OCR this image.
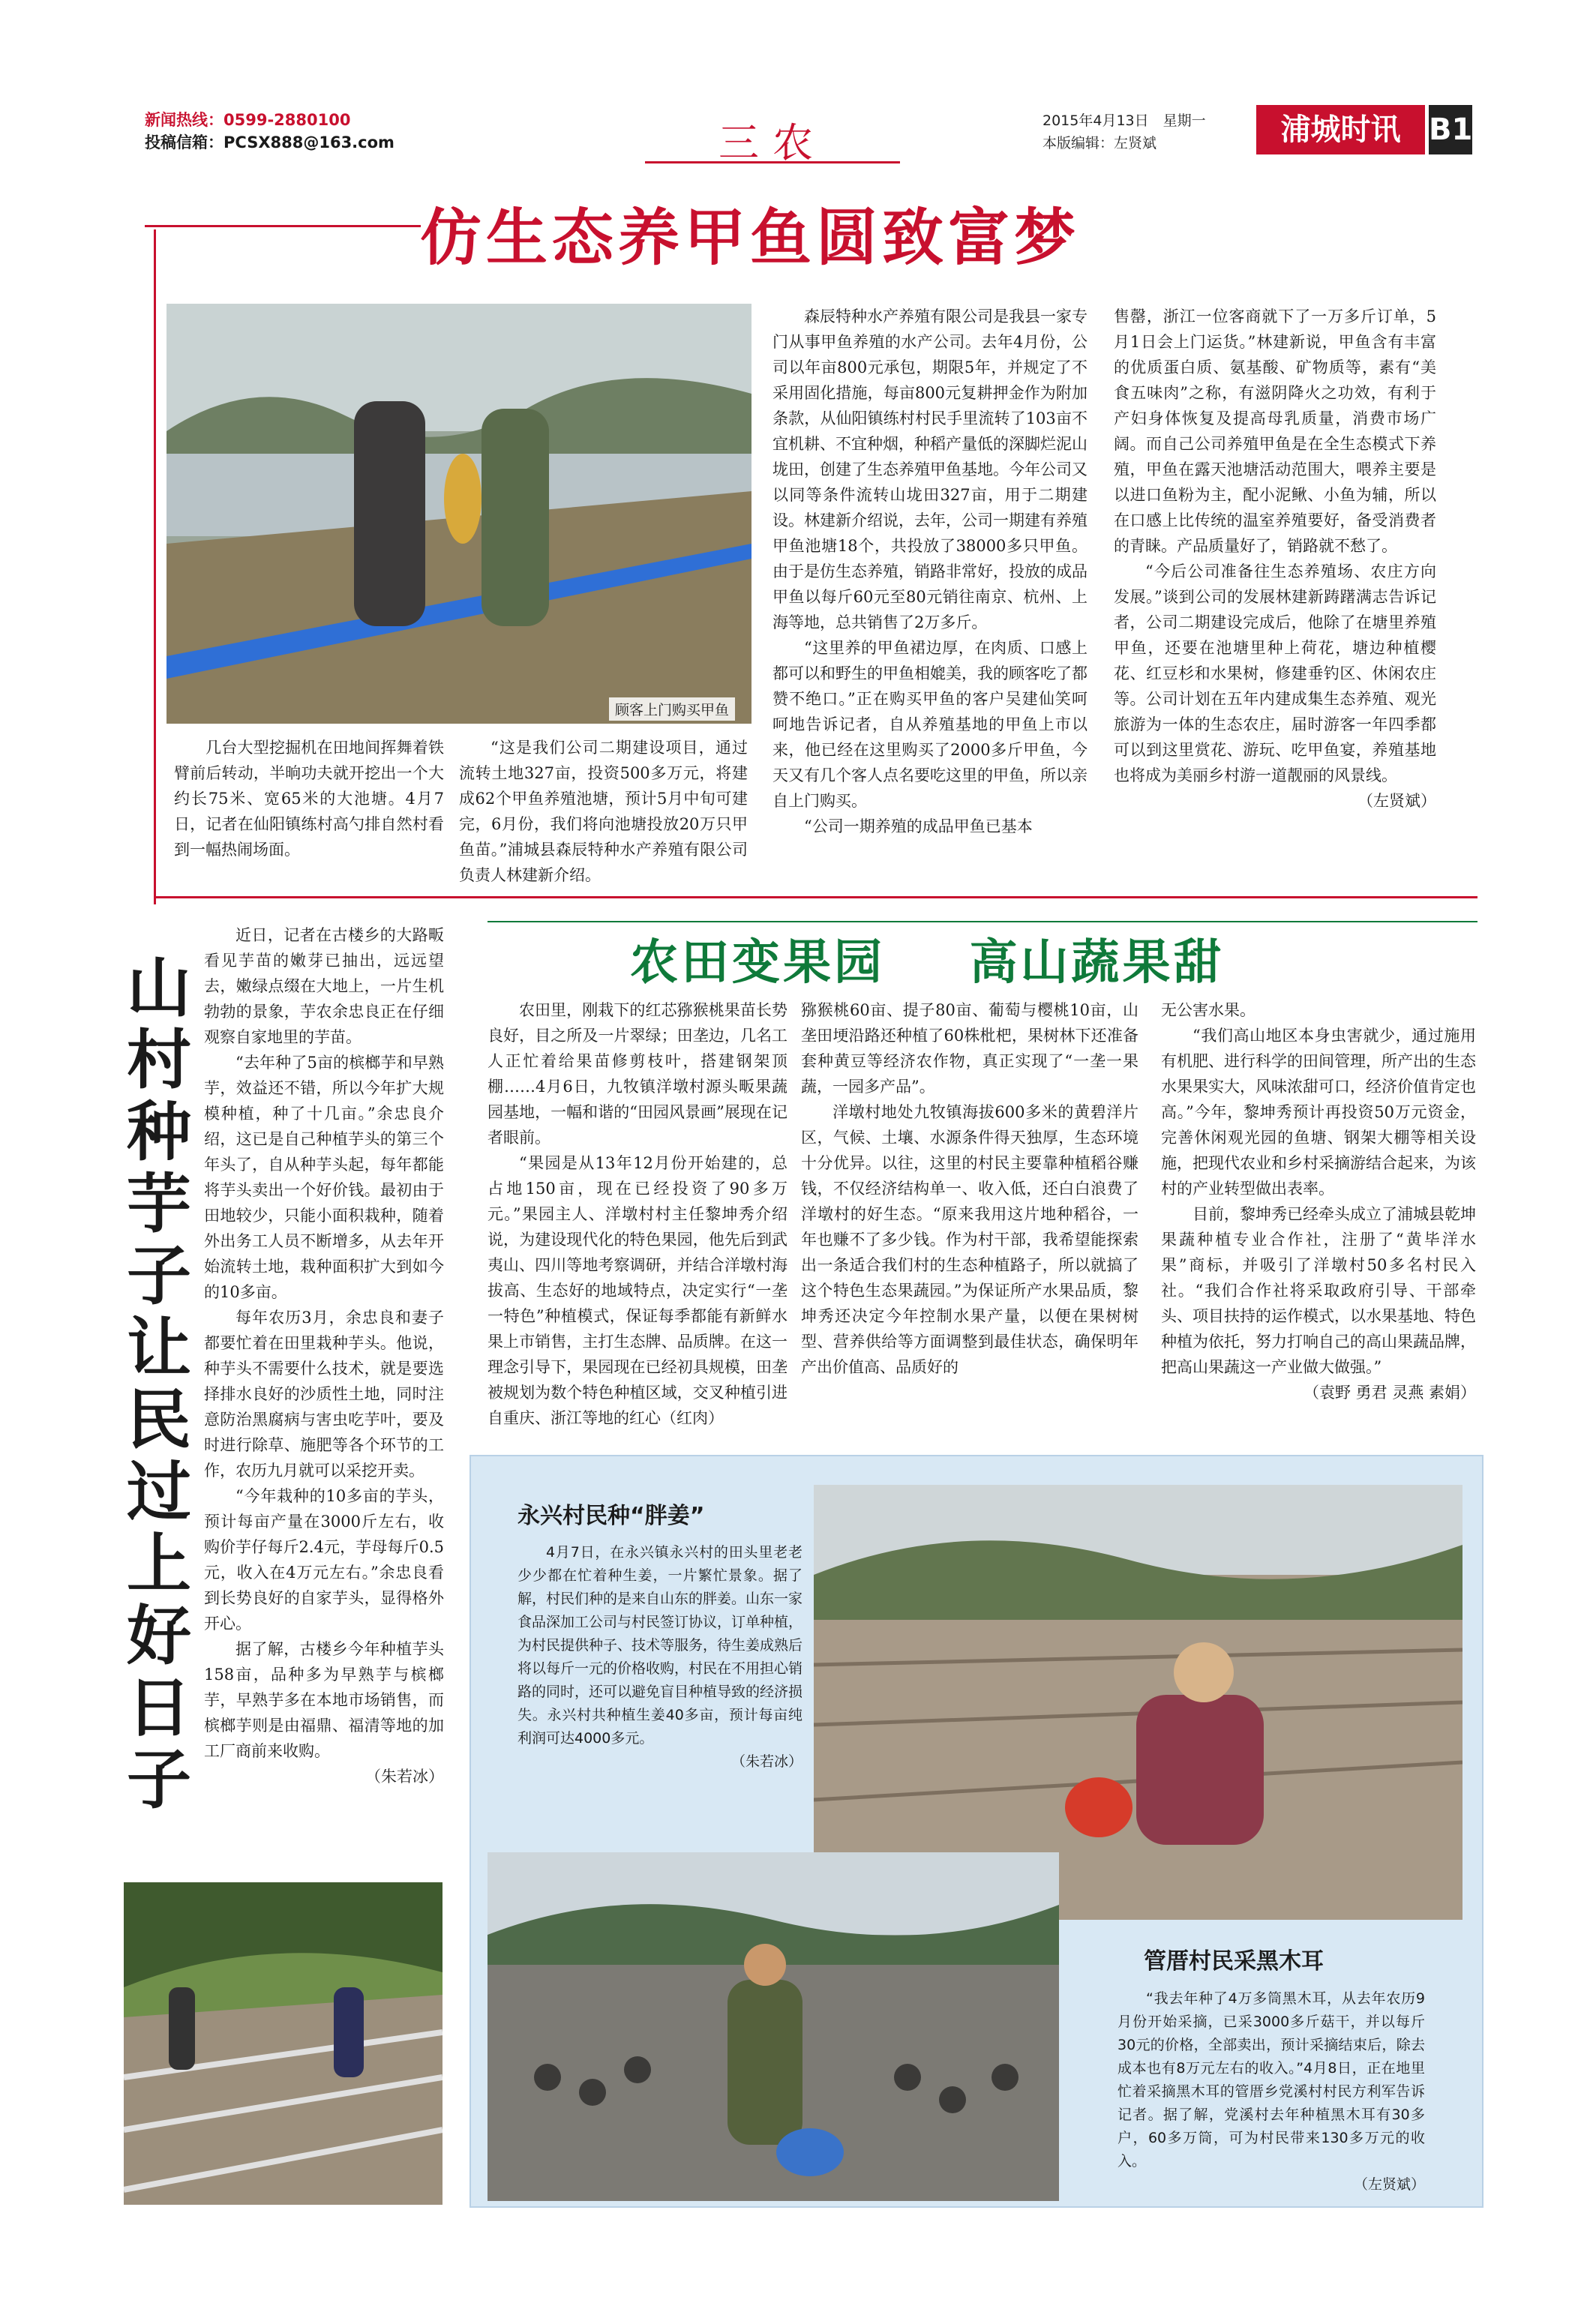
新闻热线：0599-2880100
投稿信箱：PCSX888@163.com	三农	2015年4月13日　星期一
本版编辑：左贤斌	浦城时讯 B1
仿生态养甲鱼圆致富梦
顾客上门购买甲鱼

几台大型挖掘机在田地间挥舞着铁臂前后转动，半晌功夫就开挖出一个大约长75米、宽65米的大池塘。4月7日，记者在仙阳镇练村高勺排自然村看到一幅热闹场面。

“这是我们公司二期建设项目，通过流转土地327亩，投资500多万元，将建成62个甲鱼养殖池塘，预计5月中旬可建完，6月份，我们将向池塘投放20万只甲鱼苗。”浦城县森辰特种水产养殖有限公司负责人林建新介绍。

森辰特种水产养殖有限公司是我县一家专门从事甲鱼养殖的水产公司。去年4月份，公司以年亩800元承包，期限5年，并规定了不采用固化措施，每亩800元复耕押金作为附加条款，从仙阳镇练村村民手里流转了103亩不宜机耕、不宜种烟，种稻产量低的深脚烂泥山垅田，创建了生态养殖甲鱼基地。今年公司又以同等条件流转山垅田327亩，用于二期建设。林建新介绍说，去年，公司一期建有养殖甲鱼池塘18个，共投放了38000多只甲鱼。由于是仿生态养殖，销路非常好，投放的成品甲鱼以每斤60元至80元销往南京、杭州、上海等地，总共销售了2万多斤。

“这里养的甲鱼裙边厚，在肉质、口感上都可以和野生的甲鱼相媲美，我的顾客吃了都赞不绝口。”正在购买甲鱼的客户吴建仙笑呵呵地告诉记者，自从养殖基地的甲鱼上市以来，他已经在这里购买了2000多斤甲鱼，今天又有几个客人点名要吃这里的甲鱼，所以亲自上门购买。

“公司一期养殖的成品甲鱼已基本

售罄，浙江一位客商就下了一万多斤订单，5月1日会上门运货。”林建新说，甲鱼含有丰富的优质蛋白质、氨基酸、矿物质等，素有“美食五味肉”之称，有滋阴降火之功效，有利于产妇身体恢复及提高母乳质量，消费市场广阔。而自己公司养殖甲鱼是在全生态模式下养殖，甲鱼在露天池塘活动范围大，喂养主要是以进口鱼粉为主，配小泥鳅、小鱼为辅，所以在口感上比传统的温室养殖要好，备受消费者的青睐。产品质量好了，销路就不愁了。

“今后公司准备往生态养殖场、农庄方向发展。”谈到公司的发展林建新踌躇满志告诉记者，公司二期建设完成后，他除了在塘里养殖甲鱼，还要在池塘里种上荷花，塘边种植樱花、红豆杉和水果树，修建垂钓区、休闲农庄等。公司计划在五年内建成集生态养殖、观光旅游为一体的生态农庄，届时游客一年四季都可以到这里赏花、游玩、吃甲鱼宴，养殖基地也将成为美丽乡村游一道靓丽的风景线。

（左贤斌）
山村种芋子让民过上好日子

近日，记者在古楼乡的大路畈看见芋苗的嫩芽已抽出，远远望去，嫩绿点缀在大地上，一片生机勃勃的景象，芋农余忠良正在仔细观察自家地里的芋苗。

“去年种了5亩的槟榔芋和早熟芋，效益还不错，所以今年扩大规模种植，种了十几亩。”余忠良介绍，这已是自己种植芋头的第三个年头了，自从种芋头起，每年都能将芋头卖出一个好价钱。最初由于田地较少，只能小面积栽种，随着外出务工人员不断增多，从去年开始流转土地，栽种面积扩大到如今的10多亩。

每年农历3月，余忠良和妻子都要忙着在田里栽种芋头。他说，种芋头不需要什么技术，就是要选择排水良好的沙质性土地，同时注意防治黑腐病与害虫吃芋叶，要及时进行除草、施肥等各个环节的工作，农历九月就可以采挖开卖。

“今年栽种的10多亩的芋头，预计每亩产量在3000斤左右，收购价芋仔每斤2.4元，芋母每斤0.5元，收入在4万元左右。”余忠良看到长势良好的自家芋头，显得格外开心。

据了解，古楼乡今年种植芋头158亩，品种多为早熟芋与槟榔芋，早熟芋多在本地市场销售，而槟榔芋则是由福鼎、福清等地的加工厂商前来收购。

（朱若冰）
农田变果园 高山蔬果甜

农田里，刚栽下的红芯猕猴桃果苗长势良好，目之所及一片翠绿；田垄边，几名工人正忙着给果苗修剪枝叶，搭建钢架顶棚……4月6日，九牧镇洋墩村源头畈果蔬园基地，一幅和谐的“田园风景画”展现在记者眼前。

“果园是从13年12月份开始建的，总占地150亩，现在已经投资了90多万元。”果园主人、洋墩村村主任黎坤秀介绍说，为建设现代化的特色果园，他先后到武夷山、四川等地考察调研，并结合洋墩村海拔高、生态好的地域特点，决定实行“一垄一特色”种植模式，保证每季都能有新鲜水果上市销售，主打生态牌、品质牌。在这一理念引导下，果园现在已经初具规模，田垄被规划为数个特色种植区域，交叉种植引进自重庆、浙江等地的红心（红肉）

猕猴桃60亩、提子80亩、葡萄与樱桃10亩，山垄田埂沿路还种植了60株枇杷，果树林下还准备套种黄豆等经济农作物，真正实现了“一垄一果蔬，一园多产品”。

洋墩村地处九牧镇海拔600多米的黄碧洋片区，气候、土壤、水源条件得天独厚，生态环境十分优异。以往，这里的村民主要靠种植稻谷赚钱，不仅经济结构单一、收入低，还白白浪费了洋墩村的好生态。“原来我用这片地种稻谷，一年也赚不了多少钱。作为村干部，我希望能探索出一条适合我们村的生态种植路子，所以就搞了这个特色生态果蔬园。”为保证所产水果品质，黎坤秀还决定今年控制水果产量，以便在果树树型、营养供给等方面调整到最佳状态，确保明年产出价值高、品质好的

无公害水果。

“我们高山地区本身虫害就少，通过施用有机肥、进行科学的田间管理，所产出的生态水果果实大，风味浓甜可口，经济价值肯定也高。”今年，黎坤秀预计再投资50万元资金，完善休闲观光园的鱼塘、钢架大棚等相关设施，把现代农业和乡村采摘游结合起来，为该村的产业转型做出表率。

目前，黎坤秀已经牵头成立了浦城县乾坤果蔬种植专业合作社，注册了“黄毕洋水果”商标，并吸引了洋墩村50多名村民入社。“我们合作社将采取政府引导、干部牵头、项目扶持的运作模式，以水果基地、特色种植为依托，努力打响自己的高山果蔬品牌，把高山果蔬这一产业做大做强。”

（袁野 勇君 灵燕 素娟）
永兴村民种“胖姜”

4月7日，在永兴镇永兴村的田头里老老少少都在忙着种生姜，一片繁忙景象。据了解，村民们种的是来自山东的胖姜。山东一家食品深加工公司与村民签订协议，订单种植，为村民提供种子、技术等服务，待生姜成熟后将以每斤一元的价格收购，村民在不用担心销路的同时，还可以避免盲目种植导致的经济损失。永兴村共种植生姜40多亩，预计每亩纯利润可达4000多元。

（朱若冰）
管厝村民采黑木耳

“我去年种了4万多筒黑木耳，从去年农历9月份开始采摘，已采3000多斤菇干，并以每斤30元的价格，全部卖出，预计采摘结束后，除去成本也有8万元左右的收入。”4月8日，正在地里忙着采摘黑木耳的管厝乡党溪村村民方利军告诉记者。据了解，党溪村去年种植黑木耳有30多户，60多万筒，可为村民带来130多万元的收入。

（左贤斌）
